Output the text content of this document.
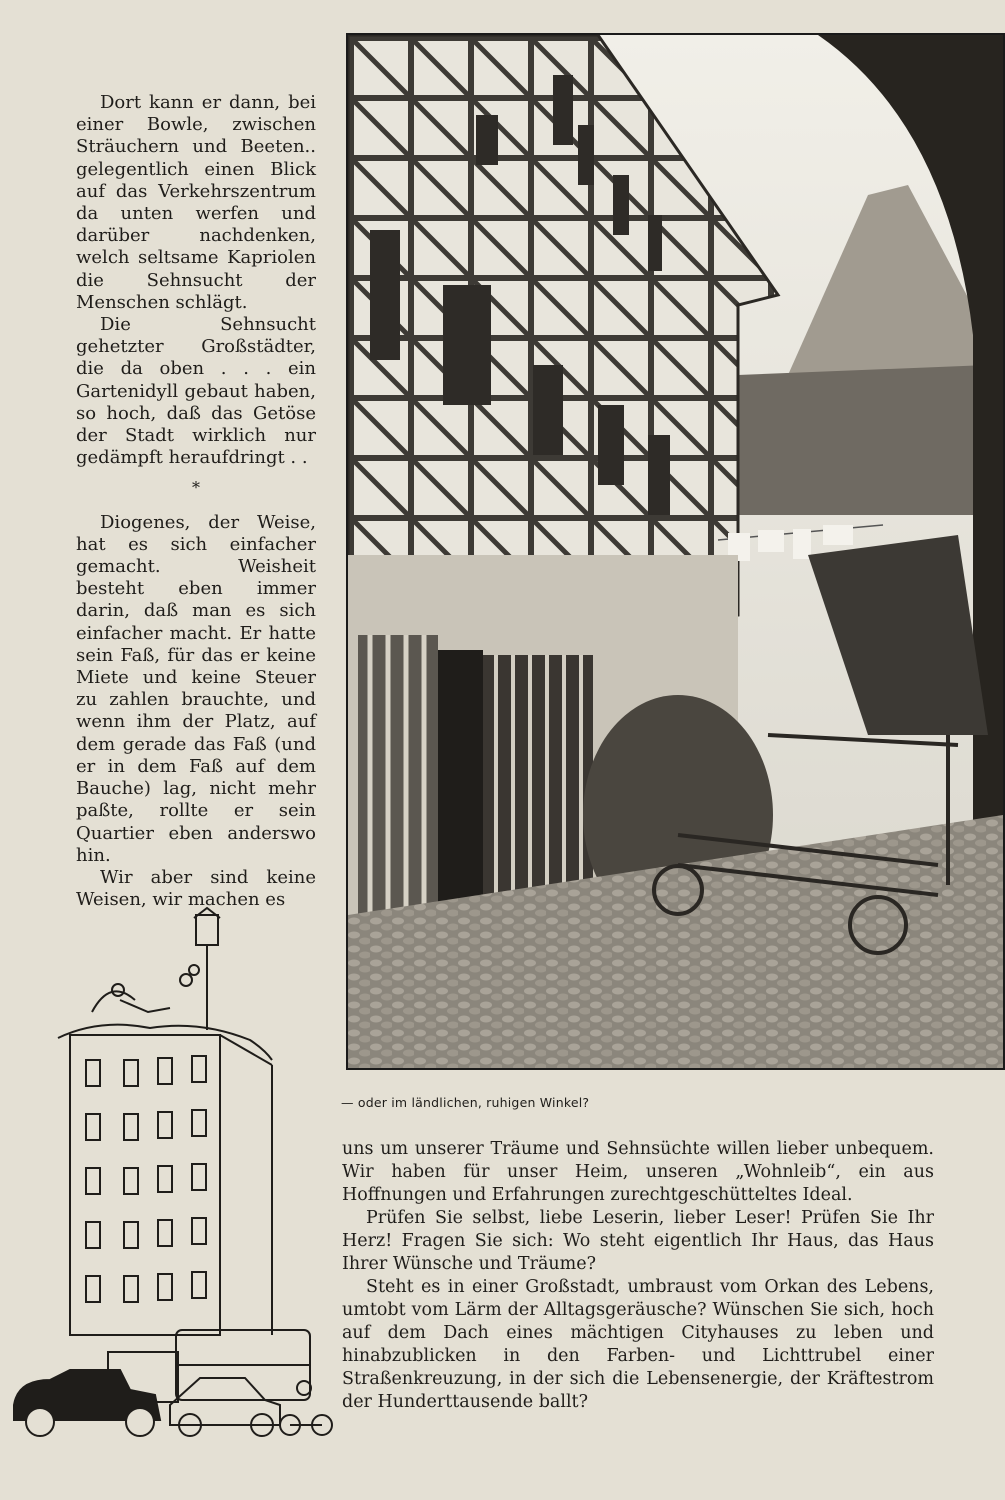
Dort kann er dann, bei einer Bowle, zwischen Sträuchern und Beeten.. gelegentlich einen Blick auf das Verkehrszentrum da unten werfen und darüber nachdenken, welch seltsame Kapriolen die Sehnsucht der Menschen schlägt.

Die Sehnsucht gehetzter Großstädter, die da oben . . . ein Gartenidyll gebaut haben, so hoch, daß das Getöse der Stadt wirklich nur gedämpft heraufdringt . .

*

Diogenes, der Weise, hat es sich einfacher gemacht. Weisheit besteht eben immer darin, daß man es sich einfacher macht. Er hatte sein Faß, für das er keine Miete und keine Steuer zu zahlen brauchte, und wenn ihm der Platz, auf dem gerade das Faß (und er in dem Faß auf dem Bauche) lag, nicht mehr paßte, rollte er sein Quartier eben anderswo hin.

Wir aber sind keine Weisen, wir machen es

— oder im ländlichen, ruhigen Winkel?

uns um unserer Träume und Sehnsüchte willen lieber unbequem. Wir haben für unser Heim, unseren „Wohnleib“, ein aus Hoffnungen und Erfahrungen zurechtgeschütteltes Ideal.

Prüfen Sie selbst, liebe Leserin, lieber Leser! Prüfen Sie Ihr Herz! Fragen Sie sich: Wo steht eigentlich Ihr Haus, das Haus Ihrer Wünsche und Träume?

Steht es in einer Großstadt, umbraust vom Orkan des Lebens, umtobt vom Lärm der Alltagsgeräusche? Wünschen Sie sich, hoch auf dem Dach eines mächtigen Cityhauses zu leben und hinabzublicken in den Farben- und Lichttrubel einer Straßenkreuzung, in der sich die Lebensenergie, der Kräftestrom der Hunderttausende ballt?
